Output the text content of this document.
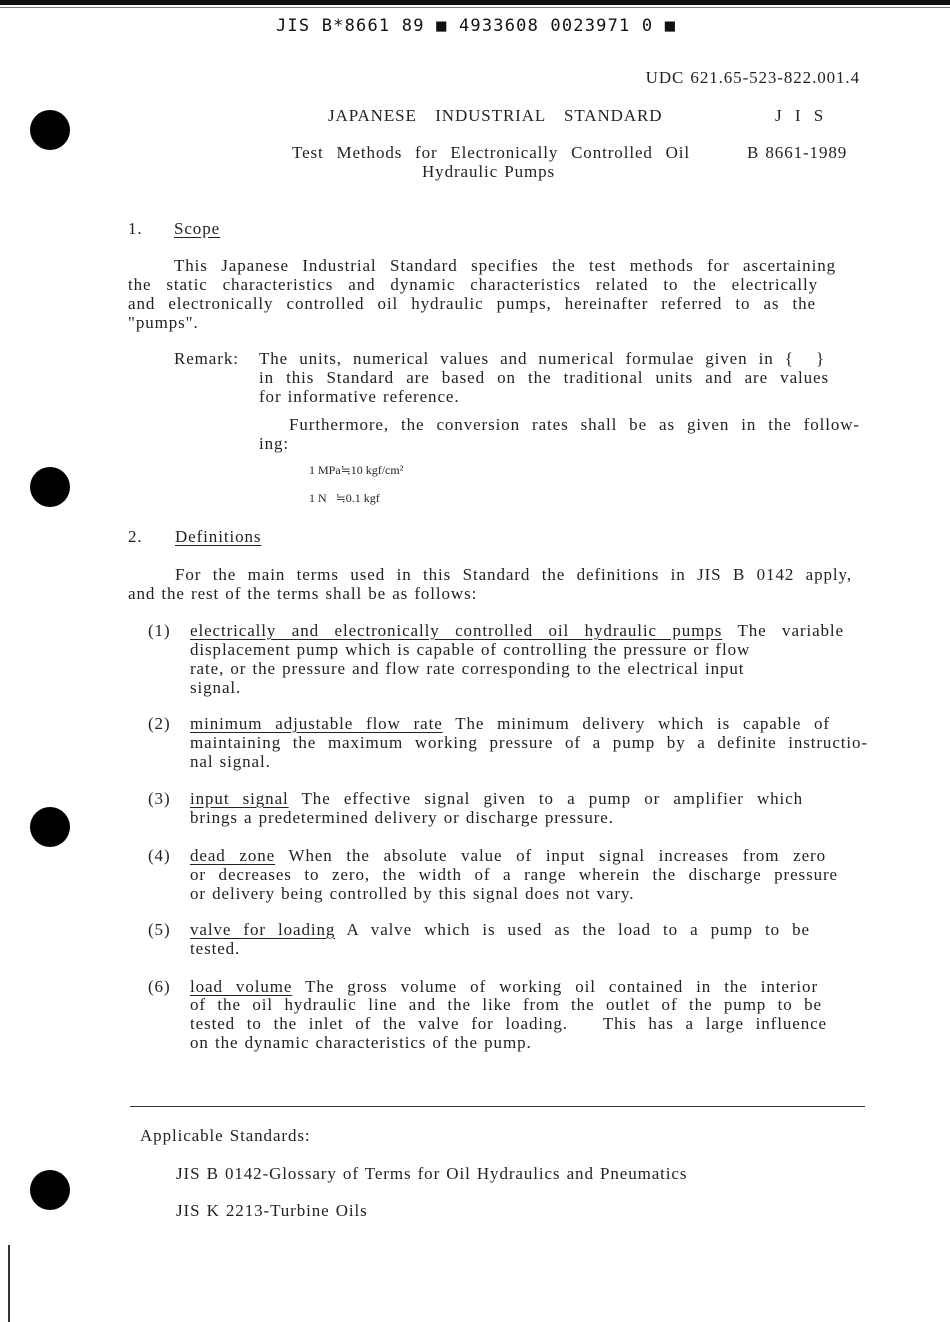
JIS B*8661 89 ■ 4933608 0023971 0 ■
UDC 621.65-523-822.001.4
JAPANESE   INDUSTRIAL   STANDARD	J I S
Test Methods for Electronically Controlled Oil
Hydraulic Pumps
B 8661-1989
1. Scope
This Japanese Industrial Standard specifies the test methods for ascertaining
the static characteristics and dynamic characteristics related to the electrically
and electronically controlled oil hydraulic pumps, hereinafter referred to as the
"pumps".
Remark: The units, numerical values and numerical formulae given in {  }
in this Standard are based on the traditional units and are values
for informative reference.
Furthermore, the conversion rates shall be as given in the follow-
ing:
1 MPa≒10 kgf/cm²
1 N   ≒0.1 kgf
2. Definitions
For the main terms used in this Standard the definitions in JIS B 0142 apply,
and the rest of the terms shall be as follows:
(1) electrically and electronically controlled oil hydraulic pumps The variable
displacement pump which is capable of controlling the pressure or flow
rate, or the pressure and flow rate corresponding to the electrical input
signal.
(2) minimum adjustable flow rate The minimum delivery which is capable of
maintaining the maximum working pressure of a pump by a definite instructio-
nal signal.
(3) input signal The effective signal given to a pump or amplifier which
brings a predetermined delivery or discharge pressure.
(4) dead zone When the absolute value of input signal increases from zero
or decreases to zero, the width of a range wherein the discharge pressure
or delivery being controlled by this signal does not vary.
(5) valve for loading A valve which is used as the load to a pump to be
tested.
(6) load volume The gross volume of working oil contained in the interior
of the oil hydraulic line and the like from the outlet of the pump to be
tested to the inlet of the valve for loading.   This has a large influence
on the dynamic characteristics of the pump.
Applicable Standards:
JIS B 0142-Glossary of Terms for Oil Hydraulics and Pneumatics
JIS K 2213-Turbine Oils
